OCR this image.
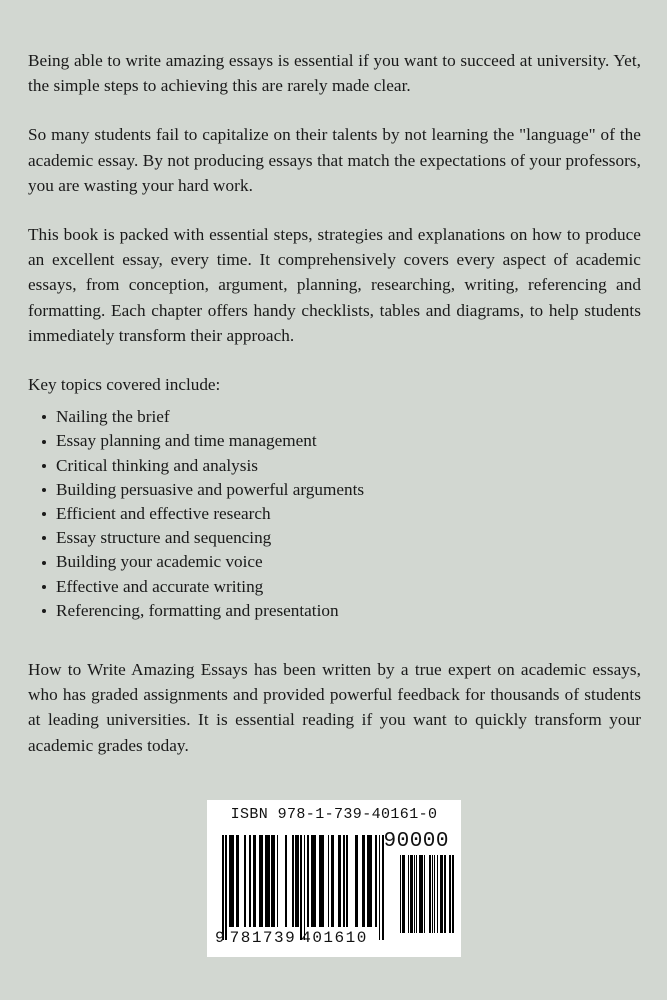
Being able to write amazing essays is essential if you want to succeed at university. Yet, the simple steps to achieving this are rarely made clear.

So many students fail to capitalize on their talents by not learning the "language" of the academic essay. By not producing essays that match the expectations of your professors, you are wasting your hard work.

This book is packed with essential steps, strategies and explanations on how to produce an excellent essay, every time. It comprehensively covers every aspect of academic essays, from conception, argument, planning, researching, writing, referencing and formatting. Each chapter offers handy checklists, tables and diagrams, to help students immediately transform their approach.

Key topics covered include:

Nailing the brief
Essay planning and time management
Critical thinking and analysis
Building persuasive and powerful arguments
Efficient and effective research
Essay structure and sequencing
Building your academic voice
Effective and accurate writing
Referencing, formatting and presentation

How to Write Amazing Essays has been written by a true expert on academic essays, who has graded assignments and provided powerful feedback for thousands of students at leading universities. It is essential reading if you want to quickly transform your academic grades today.

ISBN 978-1-739-40161-0
90000
9 781739 401610
